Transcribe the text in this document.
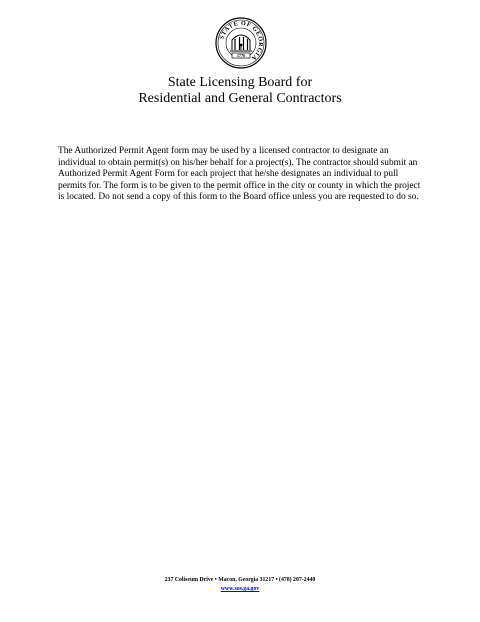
STATE OF GEORGIA
1776
State Licensing Board for
Residential and General Contractors
The Authorized Permit Agent form may be used by a licensed contractor to designate an individual to obtain permit(s) on his/her behalf for a project(s). The contractor should submit an Authorized Permit Agent Form for each project that he/she designates an individual to pull permits for. The form is to be given to the permit office in the city or county in which the project is located. Do not send a copy of this form to the Board office unless you are requested to do so.
237 Coliseum Drive • Macon, Georgia 31217 • (478) 207-2440
www.sos.ga.gov
